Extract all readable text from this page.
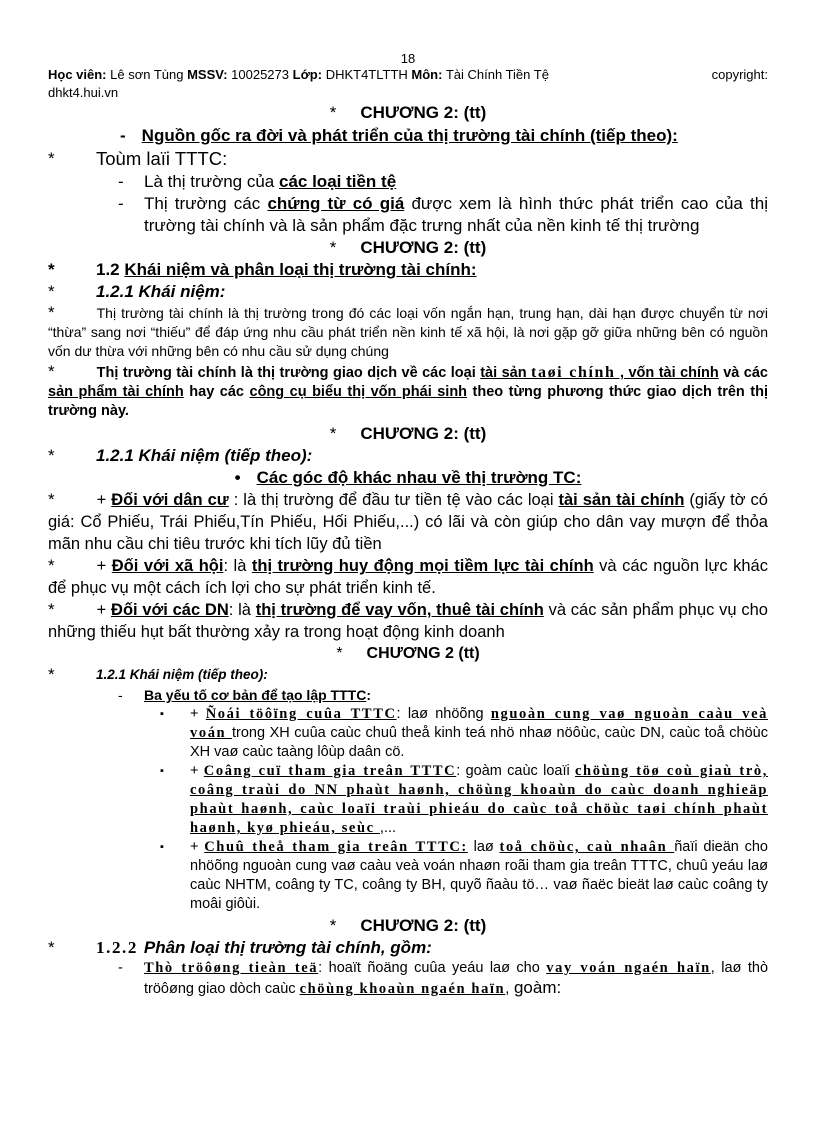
18
copyright:
Học viên: Lê sơn Tùng MSSV: 10025273 Lớp: DHKT4TLTTH Môn: Tài Chính Tiền Tệ
dhkt4.hui.vn
* CHƯƠNG 2: (tt)
- Nguồn gốc ra đời và phát triển của thị trường tài chính (tiếp theo):
* Toùm laïi TTTC:
- Là thị trường của các loại tiền tệ
- Thị trường các chứng từ có giá được xem là hình thức phát triển cao của thị trường tài chính và là sản phẩm đặc trưng nhất của nền kinh tế thị trường
* CHƯƠNG 2: (tt)
* 1.2 Khái niệm và phân loại thị trường tài chính:
* 1.2.1 Khái niệm:
*	Thị trường tài chính là thị trường trong đó các loại vốn ngắn hạn, trung hạn, dài hạn được chuyển từ nơi “thừa” sang nơi “thiếu” để đáp ứng nhu cầu phát triển nền kinh tế xã hội, là nơi gặp gỡ giữa những bên có nguồn vốn dư thừa với những bên có nhu cầu sử dụng chúng
*	Thị trường tài chính là thị trường giao dịch về các loại tài sản taøi chính , vốn tài chính và các sản phẩm tài chính hay các công cụ biểu thị vốn phái sinh theo từng phương thức giao dịch trên thị trường này.
* CHƯƠNG 2: (tt)
* 1.2.1 Khái niệm (tiếp theo):
• Các góc độ khác nhau về thị trường TC:
*	+ Đối với dân cư : là thị trường để đầu tư tiền tệ vào các loại tài sản tài chính (giấy tờ có giá: Cổ Phiếu, Trái Phiếu,Tín Phiếu, Hối Phiếu,...) có lãi và còn giúp cho dân vay mượn để thỏa mãn nhu cầu chi tiêu trước khi tích lũy đủ tiền
*	+ Đối với xã hội: là thị trường huy động mọi tiềm lực tài chính và các nguồn lực khác để phục vụ một cách ích lợi cho sự phát triển kinh tế.
*	+ Đối với các DN: là thị trường để vay vốn, thuê tài chính và các sản phẩm phục vụ cho những thiếu hụt bất thường xảy ra trong hoạt động kinh doanh
* CHƯƠNG 2 (tt)
*	1.2.1 Khái niệm (tiếp theo):
- Ba yếu tố cơ bản để tạo lập TTTC:
▪ + Ñoái töôïng cuûa TTTC: laø nhöõng nguoàn cung vaø nguoàn caàu veà voán trong XH cuûa caùc chuû theå kinh teá nhö nhaø nöôùc, caùc DN, caùc toå chöùc XH vaø caùc taàng lôùp daân cö.
▪ + Coâng cuï tham gia treân TTTC: goàm caùc loaïi chöùng töø coù giaù trò, coâng traùi do NN phaùt haønh, chöùng khoaùn do caùc doanh nghieäp phaùt haønh, caùc loaïi traùi phieáu do caùc toå chöùc taøi chính phaùt haønh, kyø phieáu, seùc ,...
▪ + Chuû theå tham gia treân TTTC: laø toå chöùc, caù nhaân ñaïi dieän cho nhöõng nguoàn cung vaø caàu veà voán nhaøn roãi tham gia treân TTTC, chuû yeáu laø caùc NHTM, coâng ty TC, coâng ty BH, quyõ ñaàu tö… vaø ñaëc bieät laø caùc coâng ty moâi giôùi.
* CHƯƠNG 2: (tt)
* 1.2.2 Phân loại thị trường tài chính, gồm:
- Thò tröôøng tieàn teä: hoaït ñoäng cuûa yeáu laø cho vay voán ngaén haïn, laø thò tröôøng giao dòch caùc chöùng khoaùn ngaén haïn, goàm:
